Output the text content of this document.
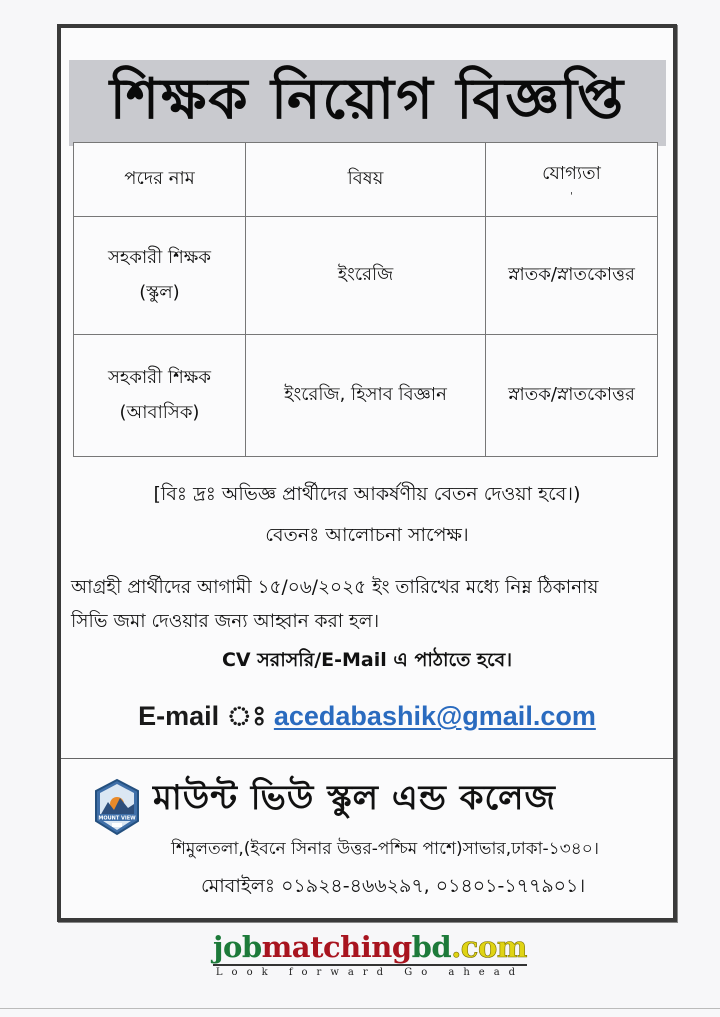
শিক্ষক নিয়োগ বিজ্ঞপ্তি
পদের নাম	বিষয়	যোগ্যতা
'

সহকারী শিক্ষক
(স্কুল)	ইংরেজি	স্নাতক/স্নাতকোত্তর

সহকারী শিক্ষক
(আবাসিক)	ইংরেজি, হিসাব বিজ্ঞান	স্নাতক/স্নাতকোত্তর
[বিঃ দ্রঃ অভিজ্ঞ প্রার্থীদের আকর্ষণীয় বেতন দেওয়া হবে।)
বেতনঃ আলোচনা সাপেক্ষ।
আগ্রহী প্রার্থীদের আগামী ১৫/০৬/২০২৫ ইং তারিখের মধ্যে নিম্ন ঠিকানায়
সিভি জমা দেওয়ার জন্য আহ্বান করা হল।
CV সরাসরি/E-Mail এ পাঠাতে হবে।
E-mail ঃ acedabashik@gmail.com
MOUNT VIEW
মাউন্ট ভিউ স্কুল এন্ড কলেজ
শিমুলতলা,(ইবনে সিনার উত্তর-পশ্চিম পাশে)সাভার,ঢাকা-১৩৪০।
মোবাইলঃ ০১৯২৪-৪৬৬২৯৭, ০১৪০১-১৭৭৯০১।
jobmatchingbd.com
Look forward Go ahead
